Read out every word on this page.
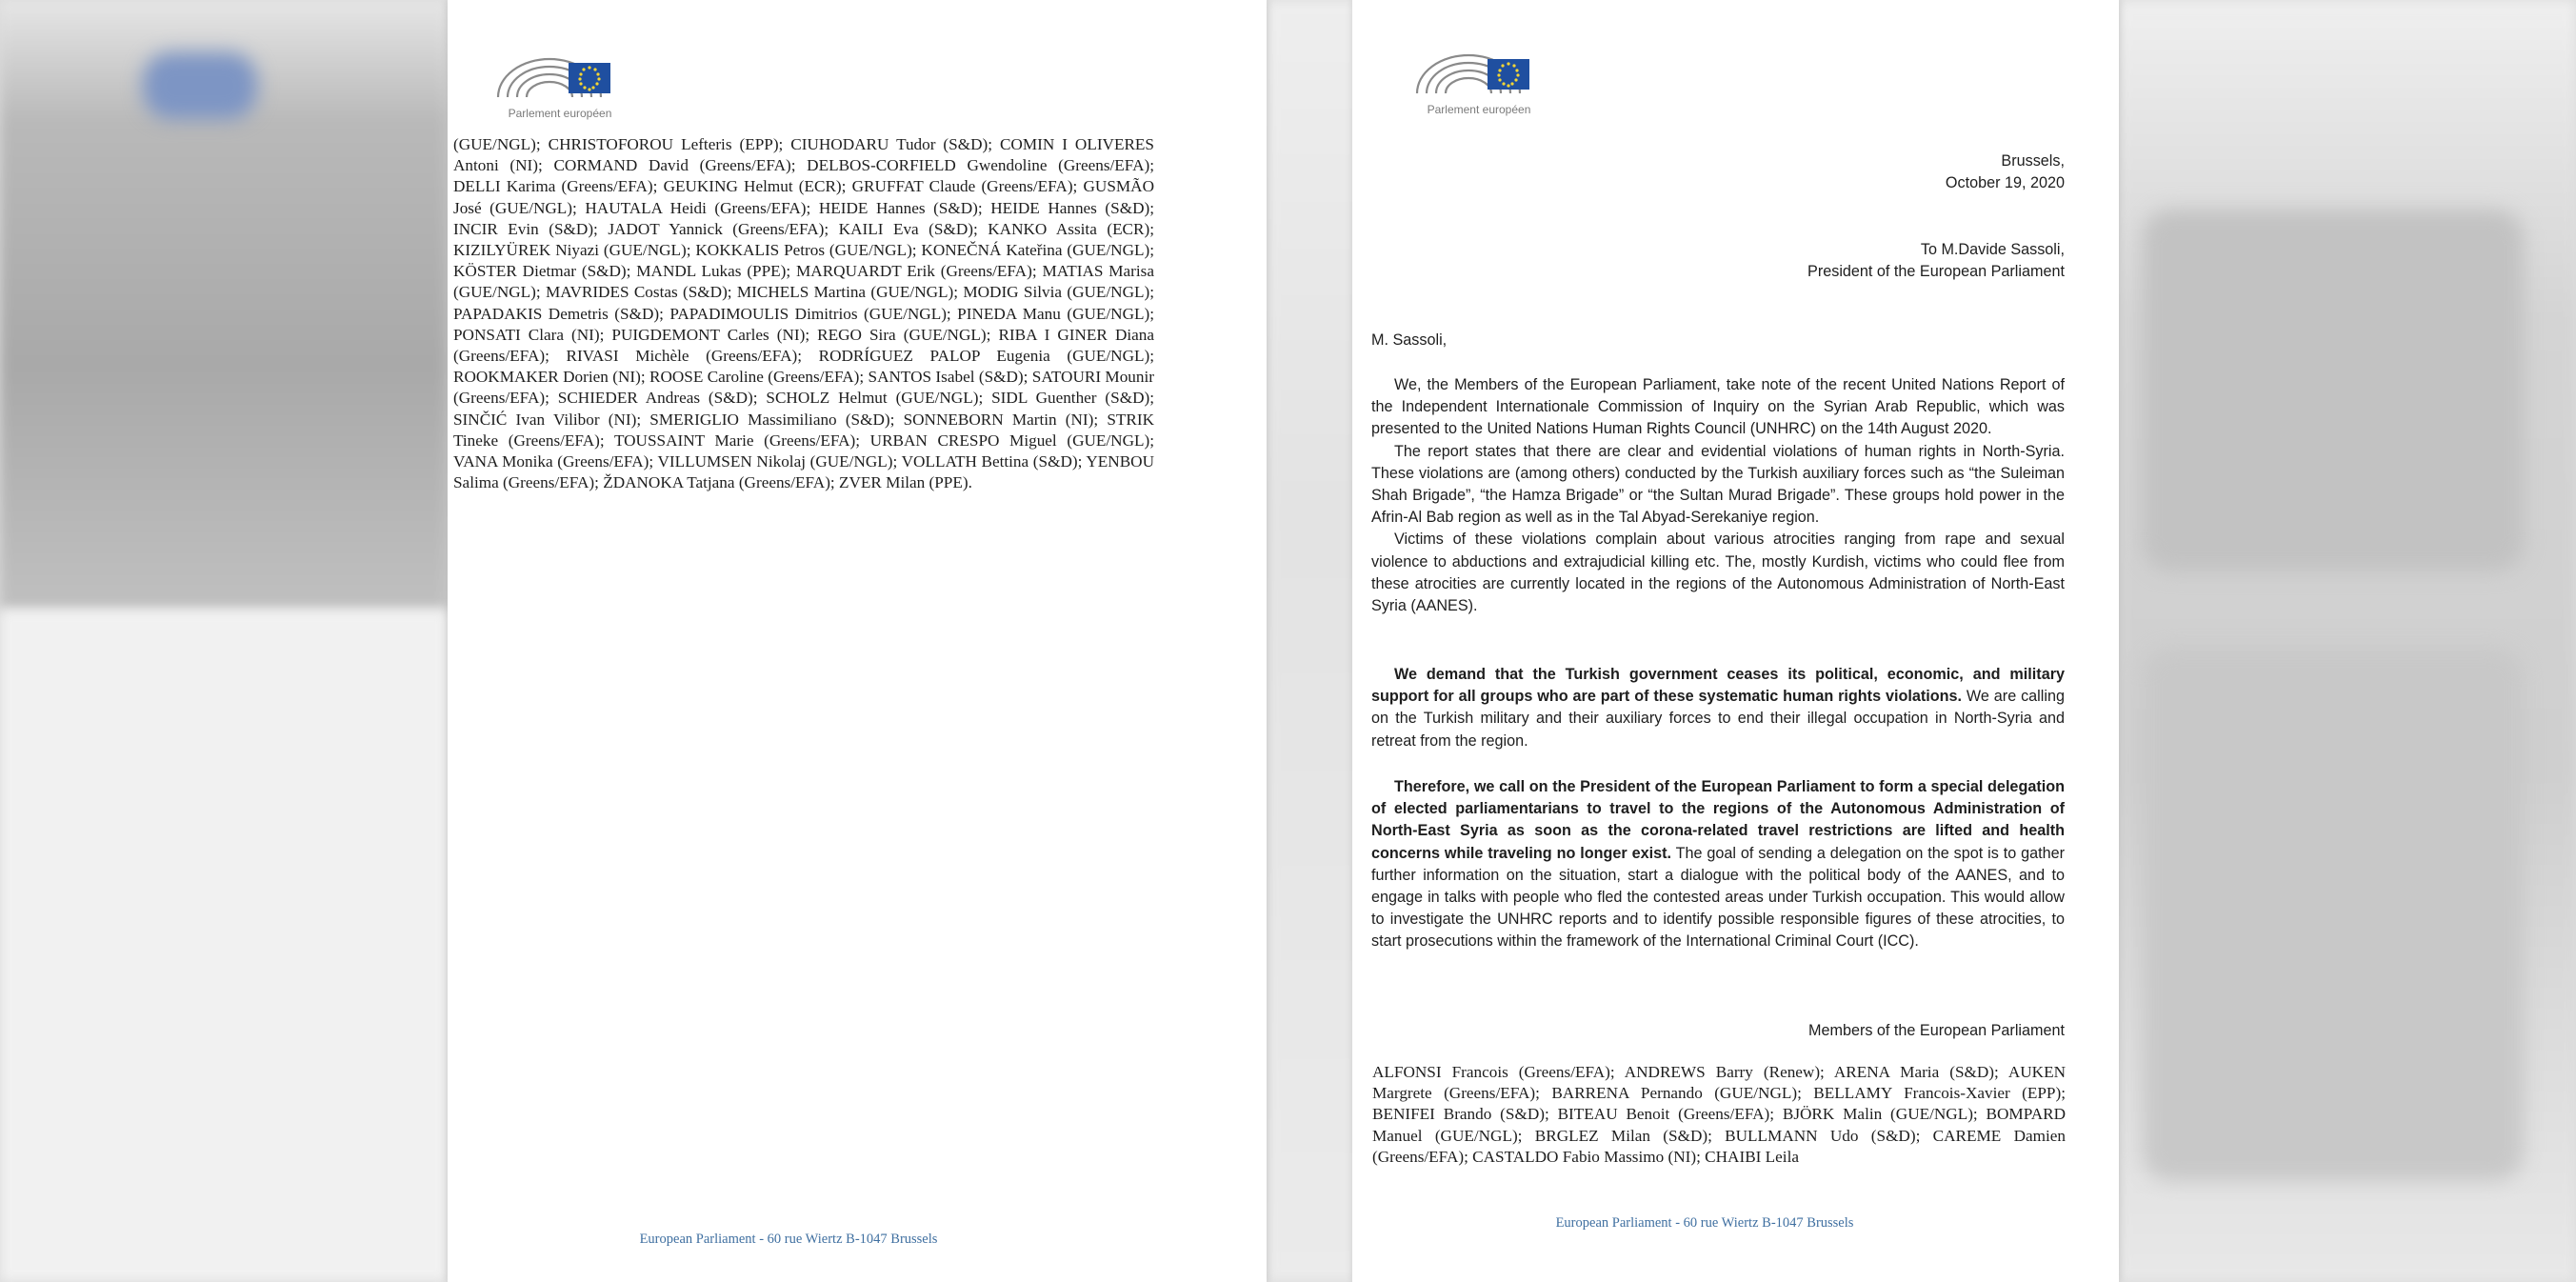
Parlement européen
(GUE/NGL); CHRISTOFOROU Lefteris (EPP); CIUHODARU Tudor (S&D); COMIN I OLIVERES Antoni (NI); CORMAND David (Greens/EFA); DELBOS-CORFIELD Gwendoline (Greens/EFA); DELLI Karima (Greens/EFA); GEUKING Helmut (ECR); GRUFFAT Claude (Greens/EFA); GUSMÃO José (GUE/NGL); HAUTALA Heidi (Greens/EFA); HEIDE Hannes (S&D); HEIDE Hannes (S&D); INCIR Evin (S&D); JADOT Yannick (Greens/EFA); KAILI Eva (S&D); KANKO Assita (ECR); KIZILYÜREK Niyazi (GUE/NGL); KOKKALIS Petros (GUE/NGL); KONEČNÁ Kateřina (GUE/NGL); KÖSTER Dietmar (S&D); MANDL Lukas (PPE); MARQUARDT Erik (Greens/EFA); MATIAS Marisa (GUE/NGL); MAVRIDES Costas (S&D); MICHELS Martina (GUE/NGL); MODIG Silvia (GUE/NGL); PAPADAKIS Demetris (S&D); PAPADIMOULIS Dimitrios (GUE/NGL); PINEDA Manu (GUE/NGL); PONSATI Clara (NI); PUIGDEMONT Carles (NI); REGO Sira (GUE/NGL); RIBA I GINER Diana (Greens/EFA); RIVASI Michèle (Greens/EFA); RODRÍGUEZ PALOP Eugenia (GUE/NGL); ROOKMAKER Dorien (NI); ROOSE Caroline (Greens/EFA); SANTOS Isabel (S&D); SATOURI Mounir (Greens/EFA); SCHIEDER Andreas (S&D); SCHOLZ Helmut (GUE/NGL); SIDL Guenther (S&D); SINČIĆ Ivan Vilibor (NI); SMERIGLIO Massimiliano (S&D); SONNEBORN Martin (NI); STRIK Tineke (Greens/EFA); TOUSSAINT Marie (Greens/EFA); URBAN CRESPO Miguel (GUE/NGL); VANA Monika (Greens/EFA); VILLUMSEN Nikolaj (GUE/NGL); VOLLATH Bettina (S&D); YENBOU Salima (Greens/EFA); ŽDANOKA Tatjana (Greens/EFA); ZVER Milan (PPE).
European Parliament - 60 rue Wiertz B-1047 Brussels
Parlement européen
Brussels,
October 19, 2020
To M.Davide Sassoli,
President of the European Parliament
M. Sassoli,

We, the Members of the European Parliament, take note of the recent United Nations Report of the Independent Internationale Commission of Inquiry on the Syrian Arab Republic, which was presented to the United Nations Human Rights Council (UNHRC) on the 14th August 2020.

The report states that there are clear and evidential violations of human rights in North-Syria. These violations are (among others) conducted by the Turkish auxiliary forces such as “the Suleiman Shah Brigade”, “the Hamza Brigade” or “the Sultan Murad Brigade”. These groups hold power in the Afrin-Al Bab region as well as in the Tal Abyad-Serekaniye region.

Victims of these violations complain about various atrocities ranging from rape and sexual violence to abductions and extrajudicial killing etc. The, mostly Kurdish, victims who could flee from these atrocities are currently located in the regions of the Autonomous Administration of North-East Syria (AANES).

We demand that the Turkish government ceases its political, economic, and military support for all groups who are part of these systematic human rights violations. We are calling on the Turkish military and their auxiliary forces to end their illegal occupation in North-Syria and retreat from the region.

Therefore, we call on the President of the European Parliament to form a special delegation of elected parliamentarians to travel to the regions of the Autonomous Administration of North-East Syria as soon as the corona-related travel restrictions are lifted and health concerns while traveling no longer exist. The goal of sending a delegation on the spot is to gather further information on the situation, start a dialogue with the political body of the AANES, and to engage in talks with people who fled the contested areas under Turkish occupation. This would allow to investigate the UNHRC reports and to identify possible responsible figures of these atrocities, to start prosecutions within the framework of the International Criminal Court (ICC).

Members of the European Parliament
ALFONSI Francois (Greens/EFA); ANDREWS Barry (Renew); ARENA Maria (S&D); AUKEN Margrete (Greens/EFA); BARRENA Pernando (GUE/NGL); BELLAMY Francois-Xavier (EPP); BENIFEI Brando (S&D); BITEAU Benoit (Greens/EFA); BJÖRK Malin (GUE/NGL); BOMPARD Manuel (GUE/NGL); BRGLEZ Milan (S&D); BULLMANN Udo (S&D); CAREME Damien (Greens/EFA); CASTALDO Fabio Massimo (NI); CHAIBI Leila
European Parliament - 60 rue Wiertz B-1047 Brussels
